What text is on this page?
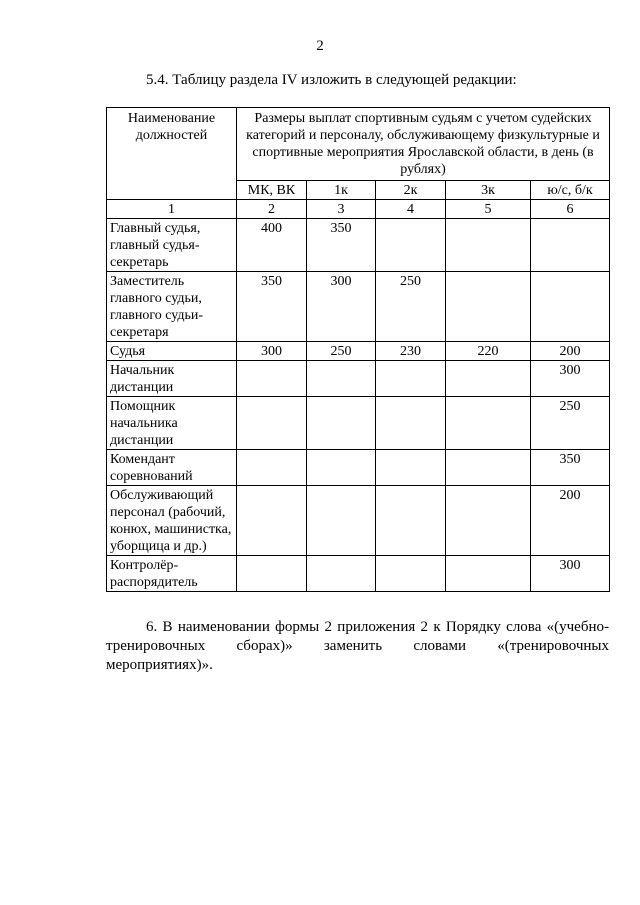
2
5.4. Таблицу раздела IV изложить в следующей редакции:
Наименование должностей	Размеры выплат спортивным судьям с учетом судейских категорий и персоналу, обслуживающему физкультурные и спортивные мероприятия Ярославской области, в день (в рублях)				
	МК, ВК	1к	2к	3к	ю/с, б/к
1	2	3	4	5	6
Главный судья, главный судья-секретарь	400	350			
Заместитель главного судьи, главного судьи-секретаря	350	300	250		
Судья	300	250	230	220	200
Начальник дистанции					300
Помощник начальника дистанции					250
Комендант соревнований					350
Обслуживающий персонал (рабочий, конюх, машинистка, уборщица и др.)					200
Контролёр-распорядитель					300
6. В наименовании формы 2 приложения 2 к Порядку слова «(учебно-тренировочных сборах)» заменить словами «(тренировочных мероприятиях)».
